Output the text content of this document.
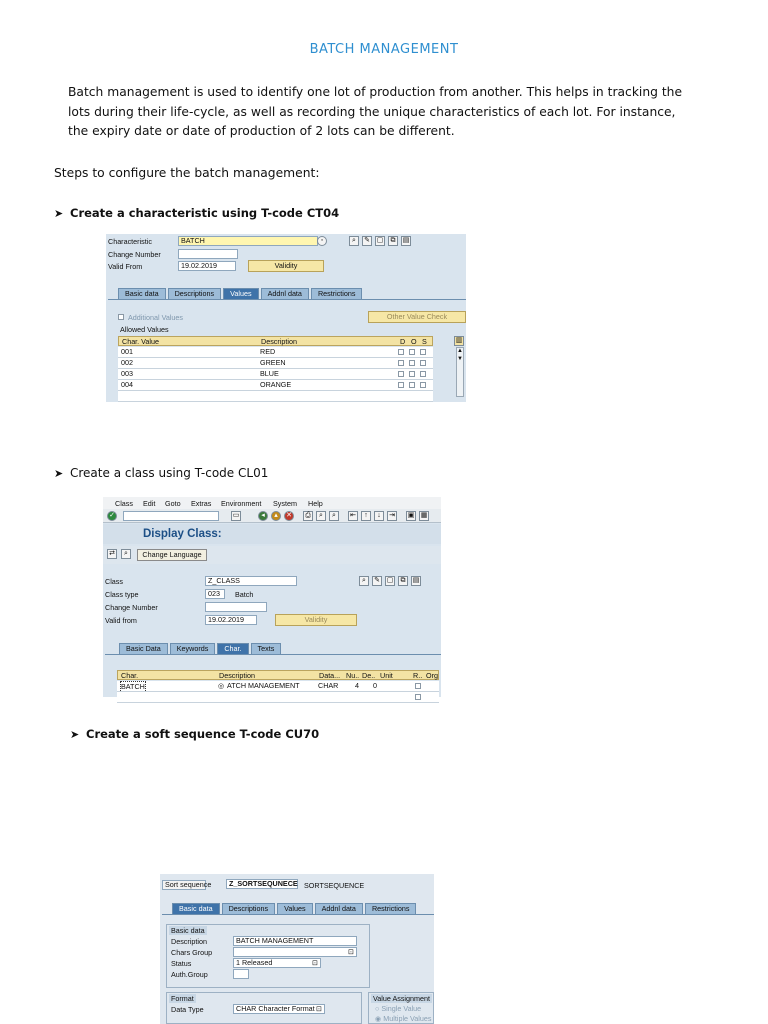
BATCH MANAGEMENT
Batch management is used to identify one lot of production from another. This helps in tracking the lots during their life-cycle, as well as recording the unique characteristics of each lot. For instance, the expiry date or date of production of 2 lots can be different.
Steps to configure the batch management:
➤ Create a characteristic using T-code CT04
Characteristic	BATCH	◦	⌕	✎ ▢	⧉	▤
Change Number
Valid From	19.02.2019	Validity
Basic data	Descriptions	Values	Addnl data	Restrictions
Additional Values	Other Value Check
Allowed Values
Char. Value	Description	D O S	▥
001	RED
002	GREEN
003	BLUE
004	ORANGE
▲
▼
➤ Create a class using T-code CL01
Class Edit Goto Extras Environment System Help
✓	▭	◂	▴	✕	⎙	⌕	⌕	⇤	↑	↓	⇥ ▣ ▦
Display Class:
⇄	⌕	Change Language
Class	Z_CLASS	⌕	✎ ▢	⧉	▤
Class type	023	Batch
Change Number
Valid from	19.02.2019	Validity
Basic Data	Keywords	Char.	Texts
Char.	Description	Data... Nu.. De.. Unit	R.. Org
BATCH	◎ ATCH MANAGEMENT	CHAR 4 0
➤ Create a soft sequence T-code CU70
Sort sequence	Z_SORTSEQUNECE SORTSEQUENCE
Basic data	Descriptions	Values	Addnl data	Restrictions
Basic data
Description	BATCH MANAGEMENT
Chars Group	⊡
Status	1 Released	⊡
Auth.Group
Format
Data Type	CHAR Character Format ⊡
Value Assignment
○ Single Value
◉ Multiple Values
